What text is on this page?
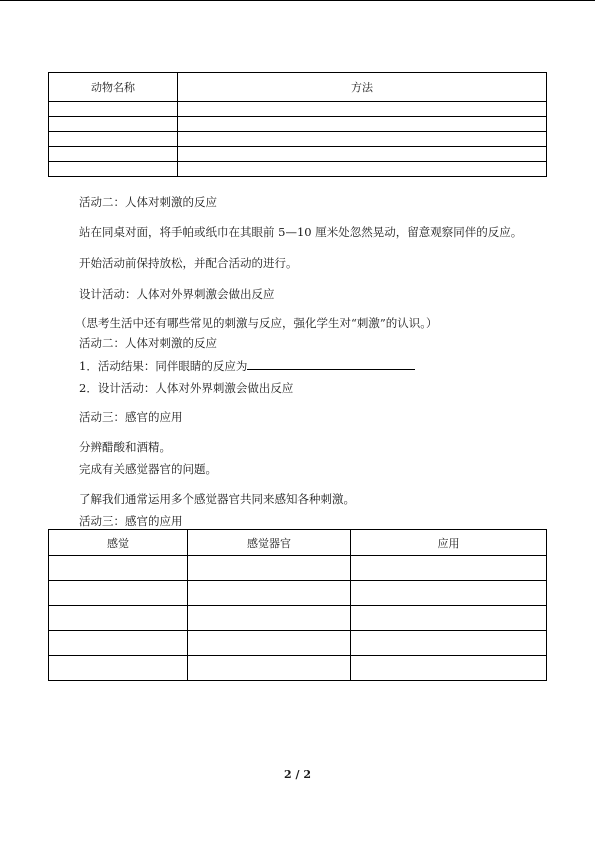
动物名称	方法

活动二：人体对刺激的反应
站在同桌对面，将手帕或纸巾在其眼前 5—10 厘米处忽然晃动，留意观察同伴的反应。
开始活动前保持放松，并配合活动的进行。
设计活动：人体对外界刺激会做出反应
（思考生活中还有哪些常见的刺激与反应，强化学生对“刺激”的认识。）
活动二：人体对刺激的反应
1．活动结果：同伴眼睛的反应为
2．设计活动：人体对外界刺激会做出反应
活动三：感官的应用
分辨醋酸和酒精。
完成有关感觉器官的问题。
了解我们通常运用多个感觉器官共同来感知各种刺激。
活动三：感官的应用
感觉	感觉器官	应用

2 / 2
